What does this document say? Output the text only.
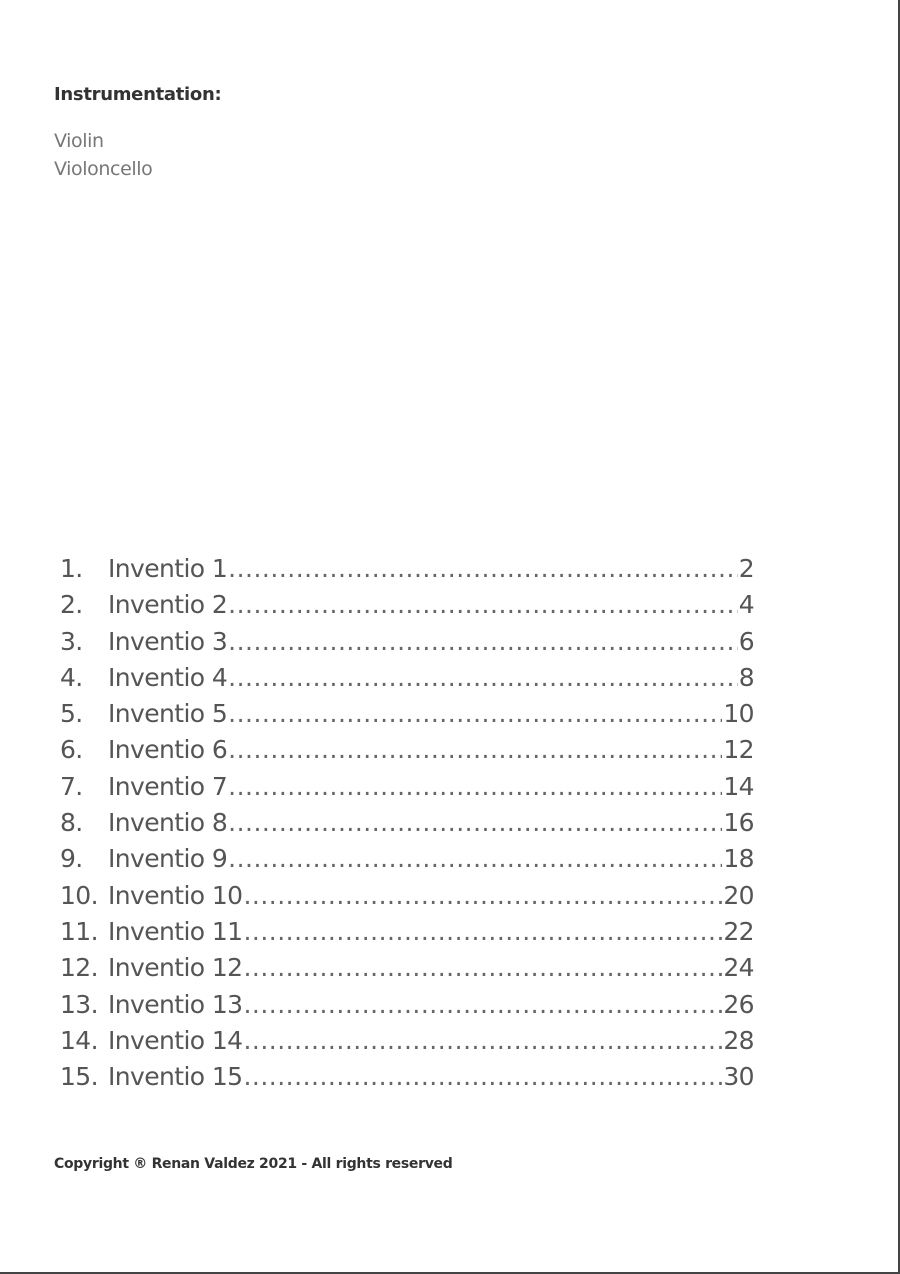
Instrumentation:
Violin
Violoncello
1.	Inventio 1 .....	2
2.	Inventio 2 .....	4
3.	Inventio 3 .....	6
4.	Inventio 4 .....	8
5.	Inventio 5 .....	10
6.	Inventio 6 .....	12
7.	Inventio 7 .....	14
8.	Inventio 8 .....	16
9.	Inventio 9 .....	18
10. Inventio 10 .....	20
11. Inventio 11 .....	22
12. Inventio 12 .....	24
13. Inventio 13 .....	26
14. Inventio 14 .....	28
15. Inventio 15 .....	30
Copyright ® Renan Valdez 2021 - All rights reserved
